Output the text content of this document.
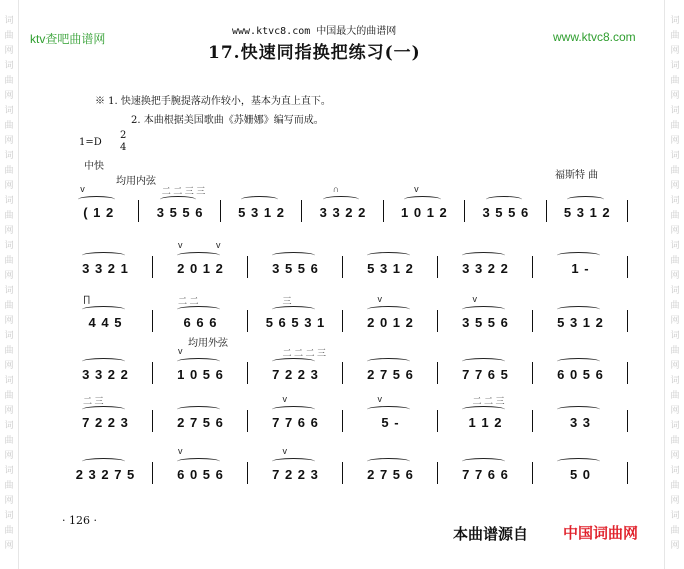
词
曲
网
词
曲
网
词
曲
网
词
曲
网
词
曲
网
词
曲
网
词
曲
网
词
曲
网
词
曲
网
词
曲
网
词
曲
网
词
曲
网
词
曲
网
词
曲
网
词
曲
网
词
曲
网
词
曲
网
词
曲
网
词
曲
网
词
曲
网
词
曲
网
词
曲
网
词
曲
网
词
曲
网
www.ktvc8.com 中国最大的曲谱网
ktv查吧曲谱网	www.ktvc8.com
17.快速同指换把练习(一)
※ 1. 快速换把手腕提落动作较小，基本为直上直下。
2. 本曲根据美国歌曲《苏姗娜》编写而成。
1=D
2
4
中快
福斯特 曲
均用内弦
均用外弦
( 1 2	3 5 5 6	5 3 1 2	3 3 2 2	1 0 1 2	3 5 5 6	5 3 1 2
v	二 二 三 三	∩	v
3 3 2 1	2 0 1 2	3 5 5 6	5 3 1 2	3 3 2 2	1 -
v	v
4 4 5	6 6 6	5 6 5 3 1	2 0 1 2	3 5 5 6	5 3 1 2
∏	二 二	三	v	v
3 3 2 2	1 0 5 6	7 2 2 3	2 7 5 6	7 7 6 5	6 0 5 6
v	二 二 二 三
7 2 2 3	2 7 5 6	7 7 6 6	5 -	1 1 2	3 3
二 三	v	v	二 二 三
2 3 2 7 5	6 0 5 6	7 2 2 3	2 7 5 6	7 7 6 6	5 0
v	v
· 126 ·
本曲谱源自 中国词曲网
